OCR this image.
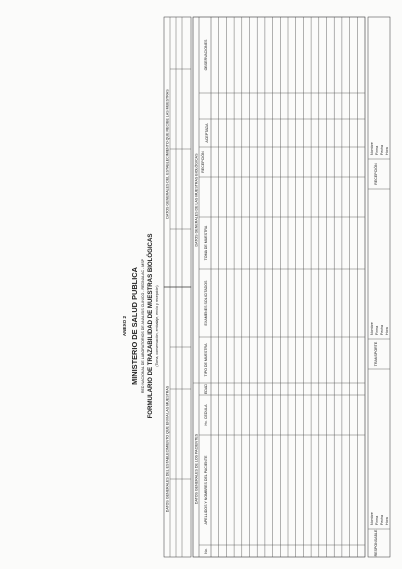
ANEXO 2 MINISTERIO DE SALUD PUBLICA RED NACIONAL DE LABORATORIOS DE ANALISIS CLINICO - REDNALAC - MSP FORMULARIO DE TRAZABILIDAD DE MUESTRAS BIOLÓGICAS (Toma, conservación, embalaje, envío y recepción)
DATOS GENERALES DEL ESTABLECIMIENTO QUE ENVIA LAS MUESTRAS
DATOS GENERALES DEL ESTABLECIMIENTO QUE RECIBE LAS MUESTRAS
DATOS GENERALES DE LOS PACIENTES
DATOS GENERALES DE LAS MUESTRAS BIOLÓGICAS
No.
APELLIDOS Y NOMBRES DEL PACIENTE
Hc. CEDULA
EDAD
TIPO DE MUESTRA
EXAMENES SOLICITADOS
TOMA DE MUESTRA
RECEPCIÓN
ACEPTADA
OBSERVACIONES
RESPONSABLE
TRANSPORTE
RECEPCIÓN
Nombre Firma Fecha Hora
Nombre Firma Fecha Hora
Nombre Firma Fecha Hora
